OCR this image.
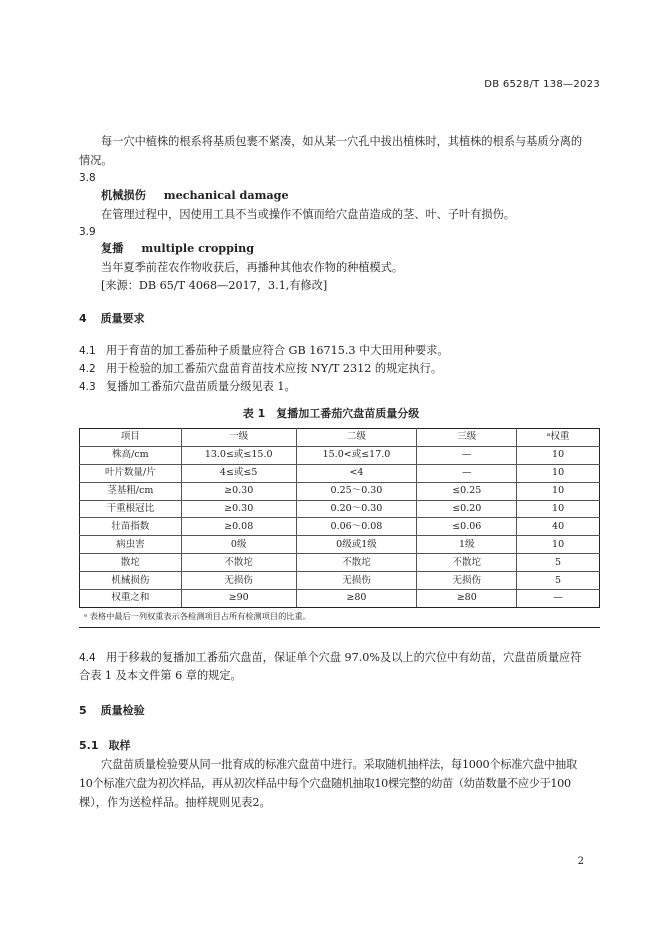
DB 6528/T 138—2023
每一穴中植株的根系将基质包裹不紧凑，如从某一穴孔中拔出植株时，其植株的根系与基质分离的
情况。
3.8
机械损伤 mechanical damage
在管理过程中，因使用工具不当或操作不慎而给穴盘苗造成的茎、叶、子叶有损伤。
3.9
复播 multiple cropping
当年夏季前茬农作物收获后，再播种其他农作物的种植模式。
[来源：DB 65/T 4068—2017，3.1,有修改]
4 质量要求
4.1 用于育苗的加工番茄种子质量应符合 GB 16715.3 中大田用种要求。
4.2 用于检验的加工番茄穴盘苗育苗技术应按 NY/T 2312 的规定执行。
4.3 复播加工番茄穴盘苗质量分级见表 1。
表 1　复播加工番茄穴盘苗质量分级
项目	一级	二级	三级	ᵃ权重
株高/cm	13.0≤或≤15.0	15.0<或≤17.0	—	10
叶片数量/片	4≤或≤5	<4	—	10
茎基粗/cm	≥0.30	0.25～0.30	≤0.25	10
干重根冠比	≥0.30	0.20～0.30	≤0.20	10
壮苗指数	≥0.08	0.06～0.08	≤0.06	40
病虫害	0级	0级或1级	1级	10
散坨	不散坨	不散坨	不散坨	5
机械损伤	无损伤	无损伤	无损伤	5
权重之和	≥90	≥80	≥80	—
ᵃ 表格中最后一列权重表示各检测项目占所有检测项目的比重。
4.4 用于移栽的复播加工番茄穴盘苗，保证单个穴盘 97.0%及以上的穴位中有幼苗，穴盘苗质量应符
合表 1 及本文件第 6 章的规定。
5 质量检验
5.1 取样
穴盘苗质量检验要从同一批育成的标准穴盘苗中进行。采取随机抽样法，每1000个标准穴盘中抽取
10个标准穴盘为初次样品，再从初次样品中每个穴盘随机抽取10棵完整的幼苗（幼苗数量不应少于100
棵），作为送检样品。抽样规则见表2。
2
